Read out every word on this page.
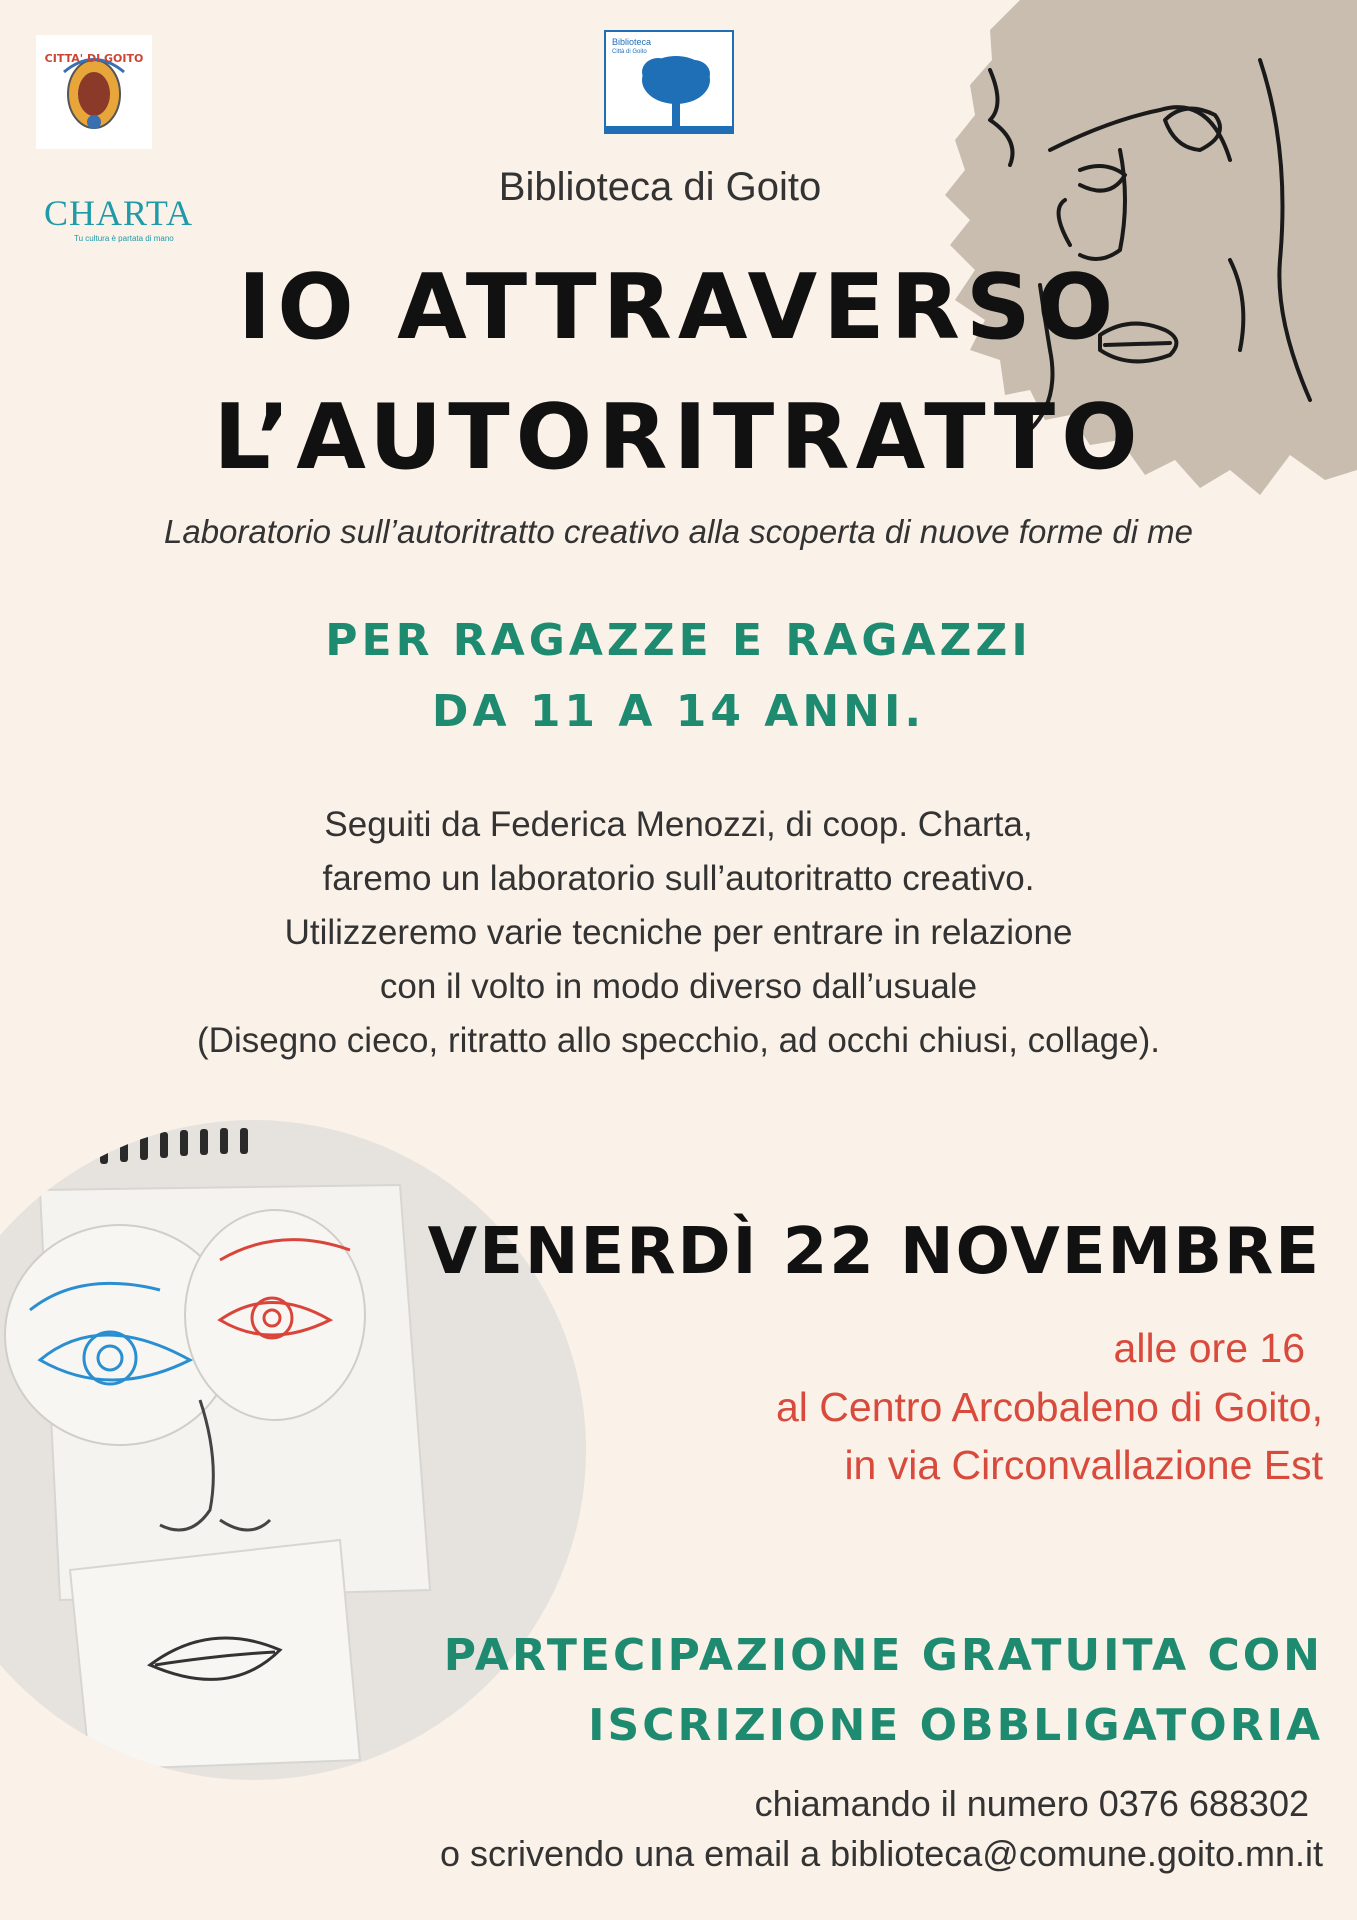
CITTA' DI GOITO
CHARTA
Tu cultura è partata di mano
Biblioteca
Città di Goito
Biblioteca di Goito
IO ATTRAVERSO
L’AUTORITRATTO
Laboratorio sull’autoritratto creativo alla scoperta di nuove forme di me
PER RAGAZZE E RAGAZZI
DA 11 A 14 ANNI.
Seguiti da Federica Menozzi, di coop. Charta,
faremo un laboratorio sull’autoritratto creativo.
Utilizzeremo varie tecniche per entrare in relazione
con il volto in modo diverso dall’usuale
(Disegno cieco, ritratto allo specchio, ad occhi chiusi, collage).
VENERDÌ 22 NOVEMBRE
alle ore 16
al Centro Arcobaleno di Goito,
in via Circonvallazione Est
PARTECIPAZIONE GRATUITA CON
ISCRIZIONE OBBLIGATORIA
chiamando il numero 0376 688302
o scrivendo una email a biblioteca@comune.goito.mn.it
